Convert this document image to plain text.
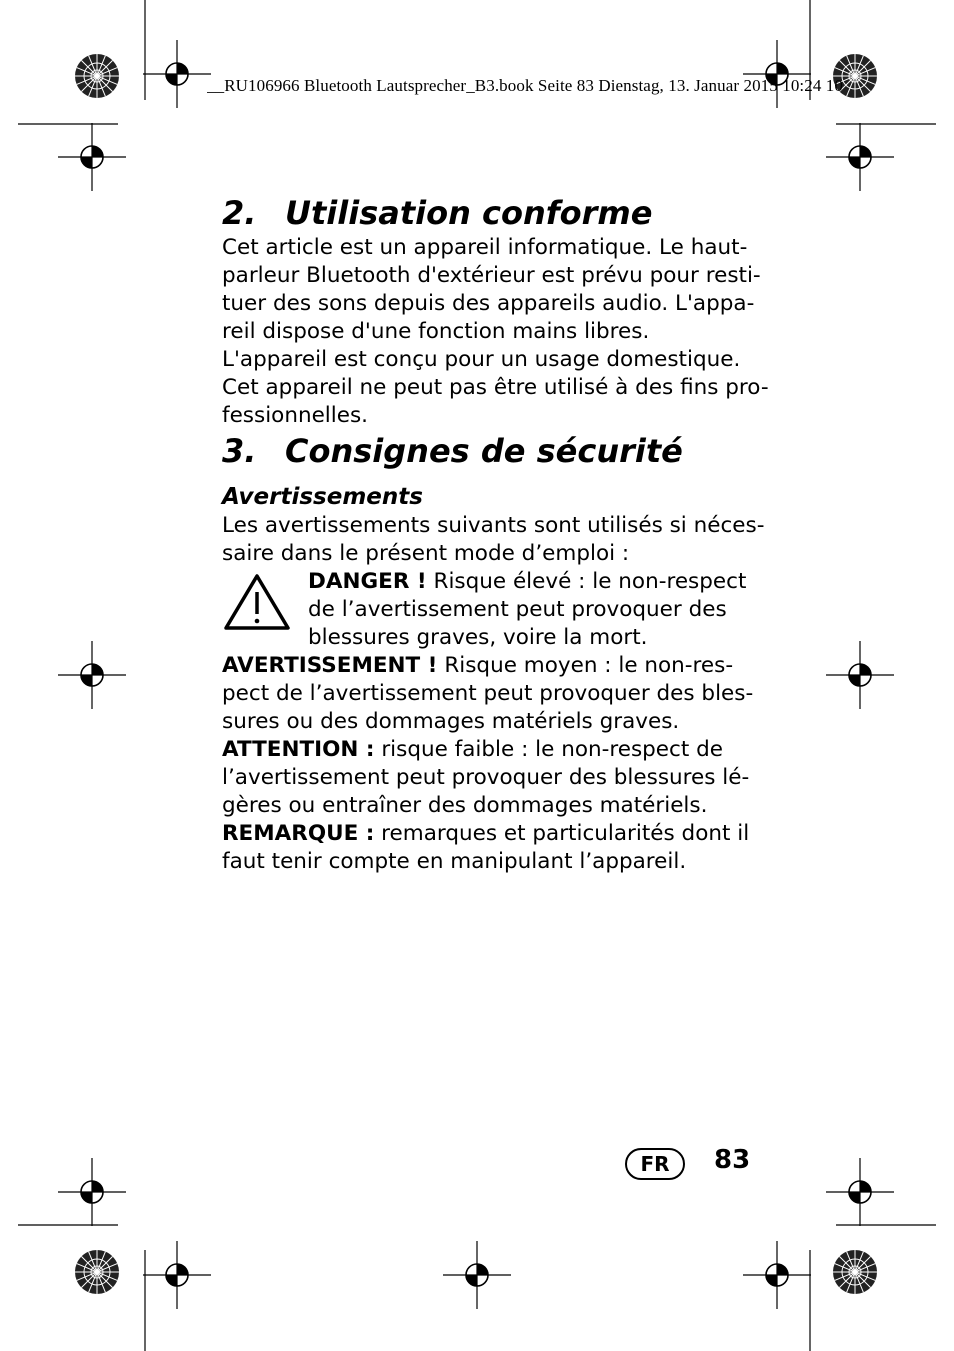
__RU106966 Bluetooth Lautsprecher_B3.book Seite 83 Dienstag, 13. Januar 2015 10:24 10
2. Utilisation conforme

Cet article est un appareil informatique. Le haut-
parleur Bluetooth d'extérieur est prévu pour resti-
tuer des sons depuis des appareils audio. L'appa-
reil dispose d'une fonction mains libres.
L'appareil est conçu pour un usage domestique.
Cet appareil ne peut pas être utilisé à des fins pro-
fessionnelles.

3. Consignes de sécurité
Avertissements

Les avertissements suivants sont utilisés si néces-
saire dans le présent mode d’emploi :

DANGER ! Risque élevé : le non-respect
de l’avertissement peut provoquer des
blessures graves, voire la mort.

AVERTISSEMENT ! Risque moyen : le non-res-
pect de l’avertissement peut provoquer des bles-
sures ou des dommages matériels graves.

ATTENTION : risque faible : le non-respect de
l’avertissement peut provoquer des blessures lé-
gères ou entraîner des dommages matériels.

REMARQUE : remarques et particularités dont il
faut tenir compte en manipulant l’appareil.

FR	83
